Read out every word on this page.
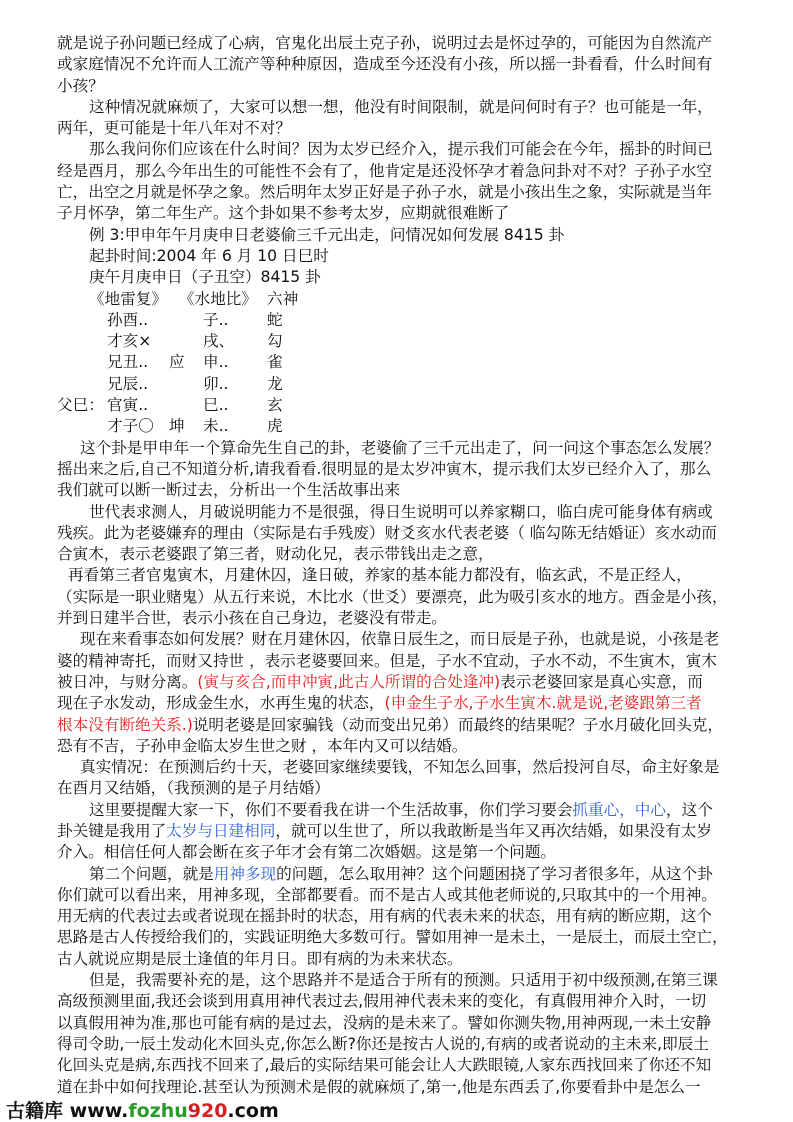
就是说子孙问题已经成了心病，官鬼化出辰土克子孙，说明过去是怀过孕的，可能因为自然流产
或家庭情况不允许而人工流产等种种原因，造成至今还没有小孩，所以摇一卦看看，什么时间有
小孩？
这种情况就麻烦了，大家可以想一想，他没有时间限制，就是问何时有子？也可能是一年，
两年，更可能是十年八年对不对？
那么我问你们应该在什么时间？因为太岁已经介入，提示我们可能会在今年，摇卦的时间已
经是酉月，那么今年出生的可能性不会有了，他肯定是还没怀孕才着急问卦对不对？子孙子水空
亡，出空之月就是怀孕之象。然后明年太岁正好是子孙子水，就是小孩出生之象，实际就是当年
子月怀孕，第二年生产。这个卦如果不参考太岁，应期就很难断了
例 3:甲申年午月庚申日老婆偷三千元出走，问情况如何发展 8415 卦
起卦时间:2004 年 6 月 10 日巳时
庚午月庚申日（子丑空）8415 卦
《地雷复》 《水地比》 六神
孙酉..	子.. 蛇
才亥×	戌、 勾
兄丑.. 应 申.. 雀
兄辰..	卯.. 龙
父巳： 官寅..	巳.. 玄
才子〇 坤 未.. 虎
这个卦是甲申年一个算命先生自己的卦，老婆偷了三千元出走了，问一问这个事态怎么发展？
摇出来之后,自己不知道分析,请我看看.很明显的是太岁冲寅木，提示我们太岁已经介入了，那么
我们就可以断一断过去，分析出一个生活故事出来
世代表求测人，月破说明能力不是很强，得日生说明可以养家糊口，临白虎可能身体有病或
残疾。此为老婆嫌弃的理由（实际是右手残废）财爻亥水代表老婆（ 临勾陈无结婚证）亥水动而
合寅木，表示老婆跟了第三者，财动化兄，表示带钱出走之意，
再看第三者官鬼寅木，月建休囚，逢日破，养家的基本能力都没有，临玄武，不是正经人，
（实际是一职业赌鬼）从五行来说，木比水（世爻）要漂亮，此为吸引亥水的地方。酉金是小孩，
并到日建半合世，表示小孩在自己身边，老婆没有带走。
现在来看事态如何发展？财在月建休囚，依靠日辰生之，而日辰是子孙，也就是说，小孩是老
婆的精神寄托，而财又持世 ，表示老婆要回来。但是，子水不宜动，子水不动，不生寅木，寅木
被日冲，与财分离。(寅与亥合,而申冲寅,此古人所谓的合处逢冲)表示老婆回家是真心实意，而
现在子水发动，形成金生水，水再生鬼的状态，(申金生子水,子水生寅木.就是说,老婆跟第三者
根本没有断绝关系.)说明老婆是回家骗钱（动而变出兄弟）而最终的结果呢？子水月破化回头克，
恐有不吉，子孙申金临太岁生世之财 ，本年内又可以结婚。
真实情况：在预测后约十天，老婆回家继续要钱，不知怎么回事，然后投河自尽，命主好象是
在酉月又结婚，（我预测的是子月结婚）
这里要提醒大家一下，你们不要看我在讲一个生活故事，你们学习要会抓重心，中心，这个
卦关键是我用了太岁与日建相同，就可以生世了，所以我敢断是当年又再次结婚，如果没有太岁
介入。相信任何人都会断在亥子年才会有第二次婚姻。这是第一个问题。
第二个问题，就是用神多现的问题，怎么取用神？这个问题困挠了学习者很多年，从这个卦
你们就可以看出来，用神多现，全部都要看。而不是古人或其他老师说的,只取其中的一个用神。
用无病的代表过去或者说现在摇卦时的状态，用有病的代表未来的状态，用有病的断应期，这个
思路是古人传授给我们的，实践证明绝大多数可行。譬如用神一是未土，一是辰土，而辰土空亡，
古人就说应期是辰土逢值的年月日。即有病的为未来状态。
但是，我需要补充的是，这个思路并不是适合于所有的预测。只适用于初中级预测,在第三课
高级预测里面,我还会谈到用真用神代表过去,假用神代表未来的变化，有真假用神介入时，一切
以真假用神为准,那也可能有病的是过去，没病的是未来了。譬如你测失物,用神两现,一未土安静
得司令助,一辰土发动化木回头克,你怎么断?你还是按古人说的,有病的或者说动的主未来,即辰土
化回头克是病,东西找不回来了,最后的实际结果可能会让人大跌眼镜,人家东西找回来了你还不知
道在卦中如何找理论.甚至认为预测术是假的就麻烦了,第一,他是东西丢了,你要看卦中是怎么一
古籍库 www.fozhu920.com
